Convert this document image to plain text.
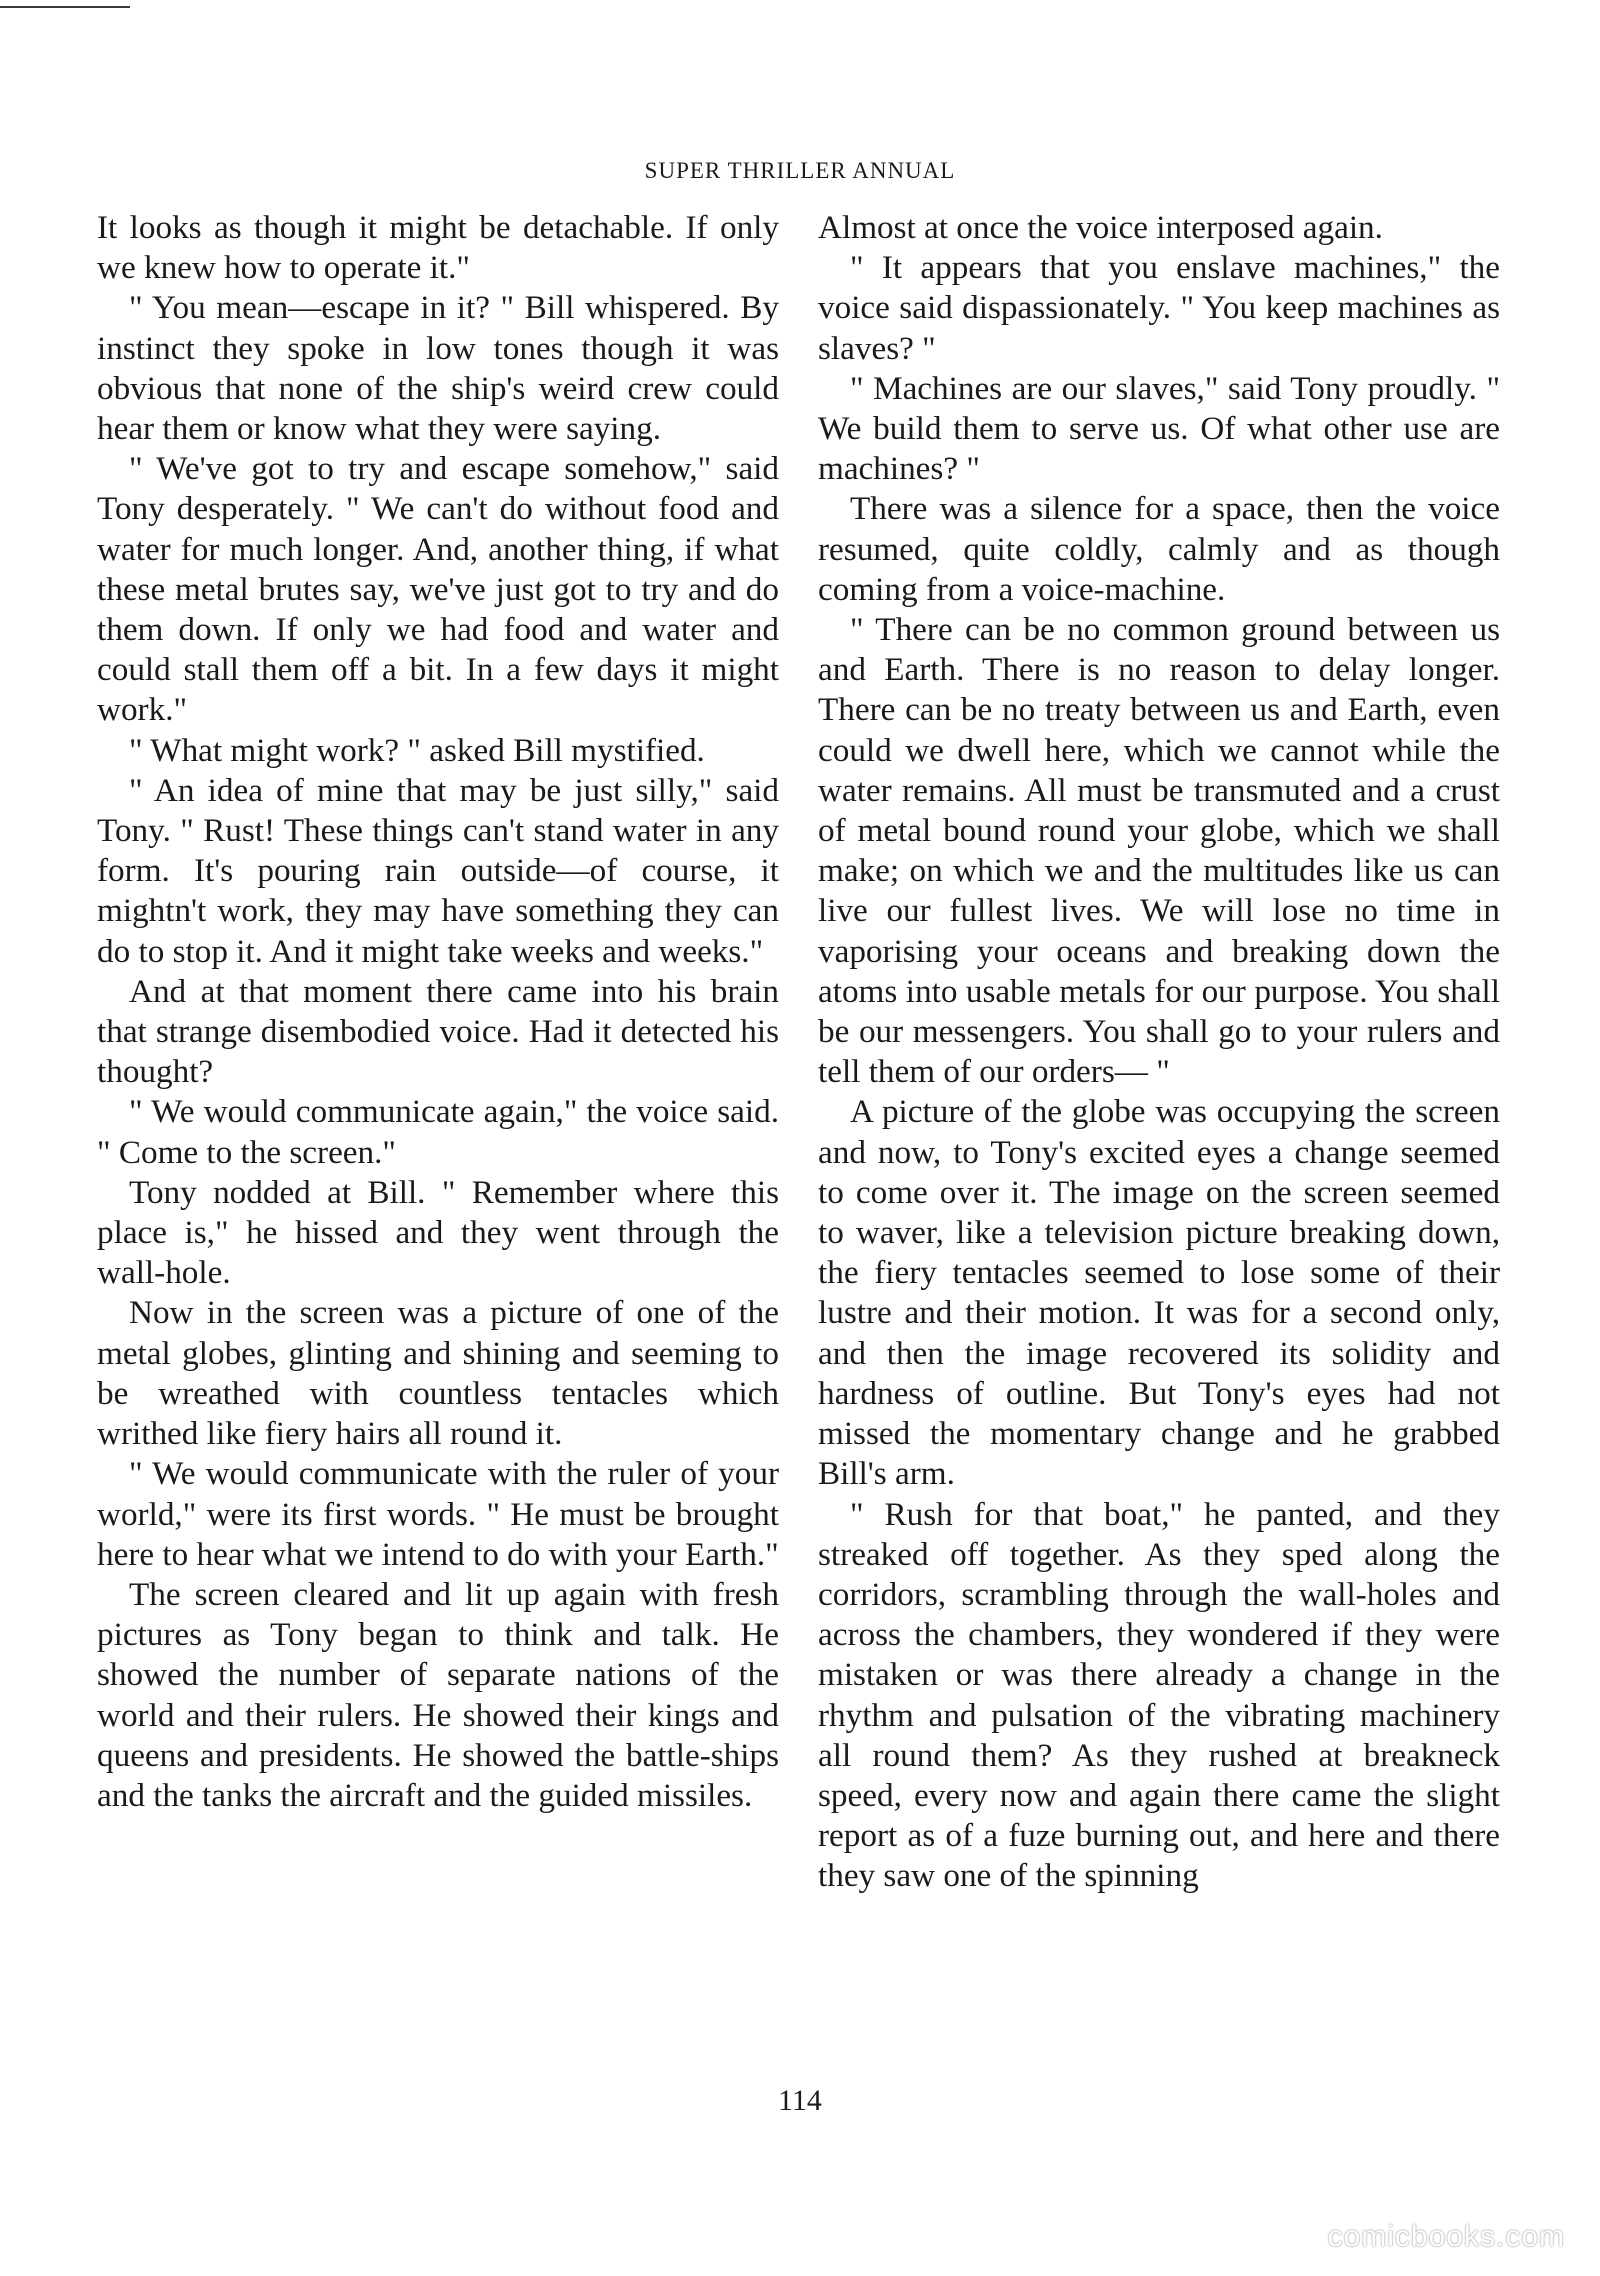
SUPER THRILLER ANNUAL

It looks as though it might be detachable. If only we knew how to operate it."

" You mean—escape in it? " Bill whispered. By instinct they spoke in low tones though it was obvious that none of the ship's weird crew could hear them or know what they were saying.

" We've got to try and escape somehow," said Tony desperately. " We can't do without food and water for much longer. And, another thing, if what these metal brutes say, we've just got to try and do them down. If only we had food and water and could stall them off a bit. In a few days it might work."

" What might work? " asked Bill mystified.

" An idea of mine that may be just silly," said Tony. " Rust! These things can't stand water in any form. It's pouring rain outside—of course, it mightn't work, they may have something they can do to stop it. And it might take weeks and weeks."

And at that moment there came into his brain that strange disembodied voice. Had it detected his thought?

" We would communicate again," the voice said. " Come to the screen."

Tony nodded at Bill. " Remember where this place is," he hissed and they went through the wall-hole.

Now in the screen was a picture of one of the metal globes, glinting and shining and seeming to be wreathed with countless tentacles which writhed like fiery hairs all round it.

" We would communicate with the ruler of your world," were its first words. " He must be brought here to hear what we intend to do with your Earth."

The screen cleared and lit up again with fresh pictures as Tony began to think and talk. He showed the number of separate nations of the world and their rulers. He showed their kings and queens and presidents. He showed the battle-ships and the tanks the aircraft and the guided missiles.

Almost at once the voice interposed again.

" It appears that you enslave machines," the voice said dispassionately. " You keep machines as slaves? "

" Machines are our slaves," said Tony proudly. " We build them to serve us. Of what other use are machines? "

There was a silence for a space, then the voice resumed, quite coldly, calmly and as though coming from a voice-machine.

" There can be no common ground between us and Earth. There is no reason to delay longer. There can be no treaty between us and Earth, even could we dwell here, which we cannot while the water remains. All must be transmuted and a crust of metal bound round your globe, which we shall make; on which we and the multitudes like us can live our fullest lives. We will lose no time in vaporising your oceans and breaking down the atoms into usable metals for our purpose. You shall be our messengers. You shall go to your rulers and tell them of our orders— "

A picture of the globe was occupying the screen and now, to Tony's excited eyes a change seemed to come over it. The image on the screen seemed to waver, like a television picture breaking down, the fiery tentacles seemed to lose some of their lustre and their motion. It was for a second only, and then the image recovered its solidity and hardness of outline. But Tony's eyes had not missed the momentary change and he grabbed Bill's arm.

" Rush for that boat," he panted, and they streaked off together. As they sped along the corridors, scrambling through the wall-holes and across the chambers, they wondered if they were mistaken or was there already a change in the rhythm and pulsation of the vibrating machinery all round them? As they rushed at breakneck speed, every now and again there came the slight report as of a fuze burning out, and here and there they saw one of the spinning

114
comicbooks.com
